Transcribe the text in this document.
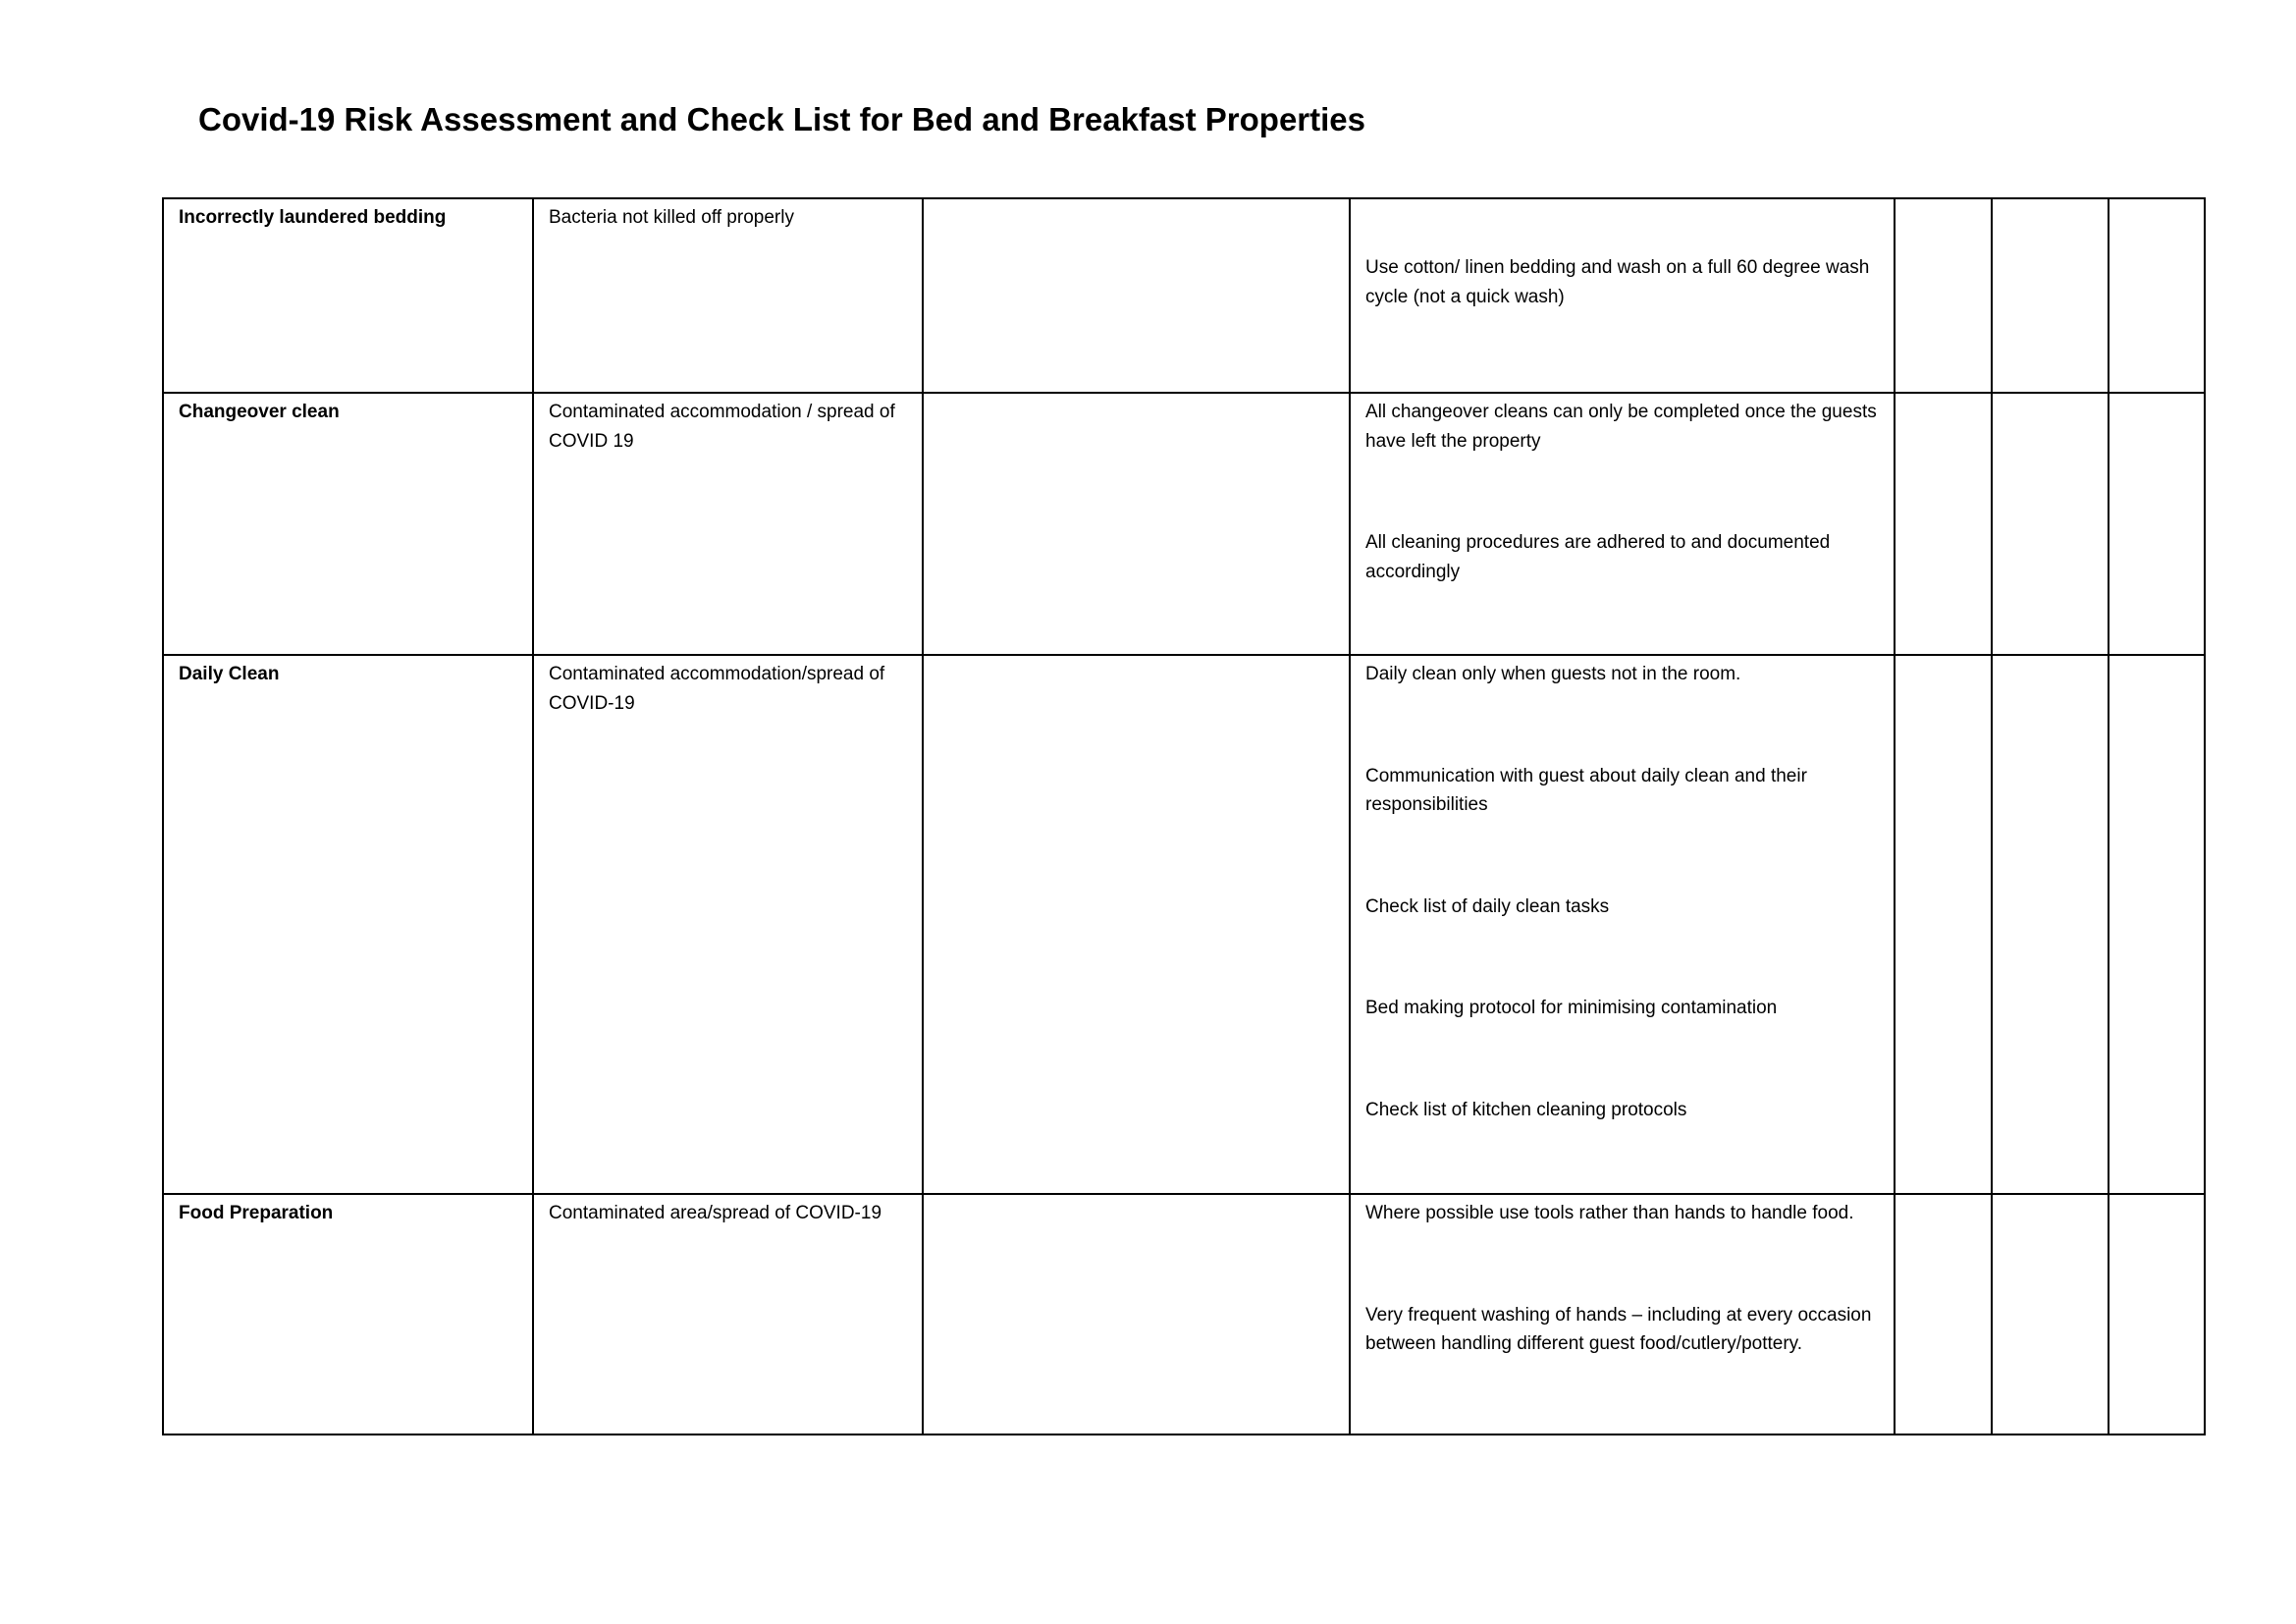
Covid-19 Risk Assessment and Check List for Bed and Breakfast Properties
Incorrectly laundered bedding	Bacteria not killed off properly		Use cotton/ linen bedding and wash on a full 60 degree wash cycle (not a quick wash)			

Changeover clean	Contaminated accommodation / spread of COVID 19		All changeover cleans can only be completed once the guests have left the property

All cleaning procedures are adhered to and documented accordingly			

Daily Clean	Contaminated accommodation/spread of COVID-19		Daily clean only when guests not in the room.

Communication with guest about daily clean and their responsibilities

Check list of daily clean tasks

Bed making protocol for minimising contamination

Check list of kitchen cleaning protocols			

Food Preparation	Contaminated area/spread of COVID-19		Where possible use tools rather than hands to handle food.

Very frequent washing of hands – including at every occasion between handling different guest food/cutlery/pottery.			
